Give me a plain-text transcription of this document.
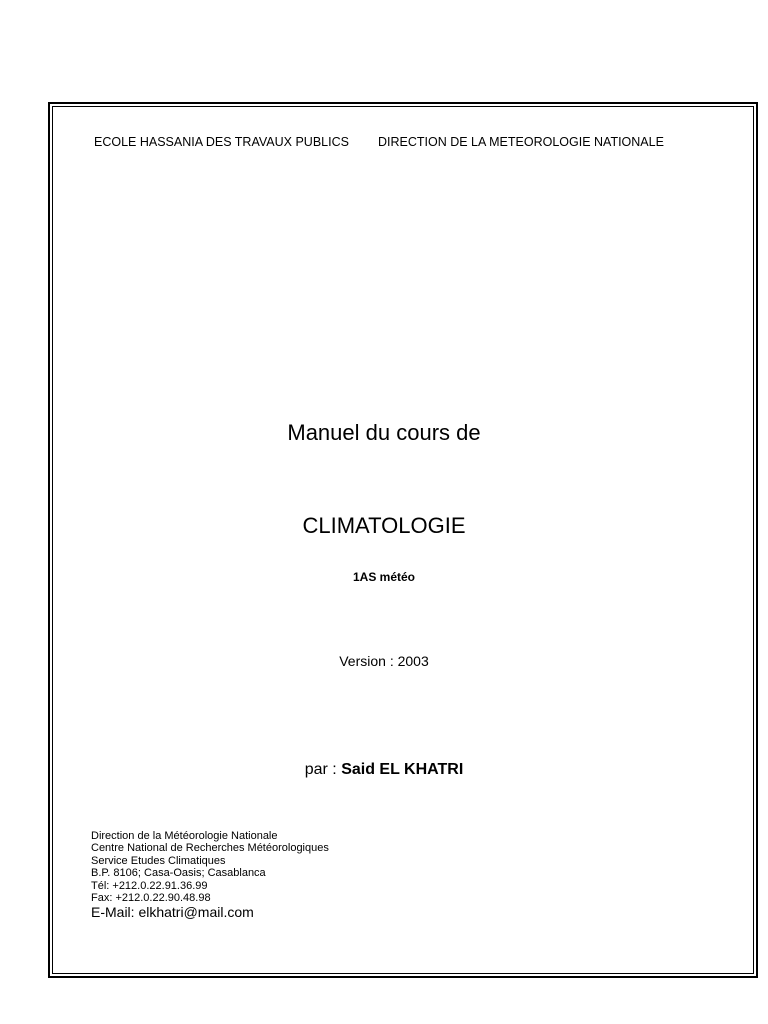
ECOLE HASSANIA DES TRAVAUX PUBLICS DIRECTION DE LA METEOROLOGIE NATIONALE
Manuel du cours de
CLIMATOLOGIE
1AS météo
Version : 2003
par : Said EL KHATRI
Direction de la Météorologie Nationale
Centre National de Recherches Météorologiques
Service Etudes Climatiques
B.P. 8106; Casa-Oasis; Casablanca
Tél: +212.0.22.91.36.99
Fax: +212.0.22.90.48.98
E-Mail: elkhatri@mail.com
